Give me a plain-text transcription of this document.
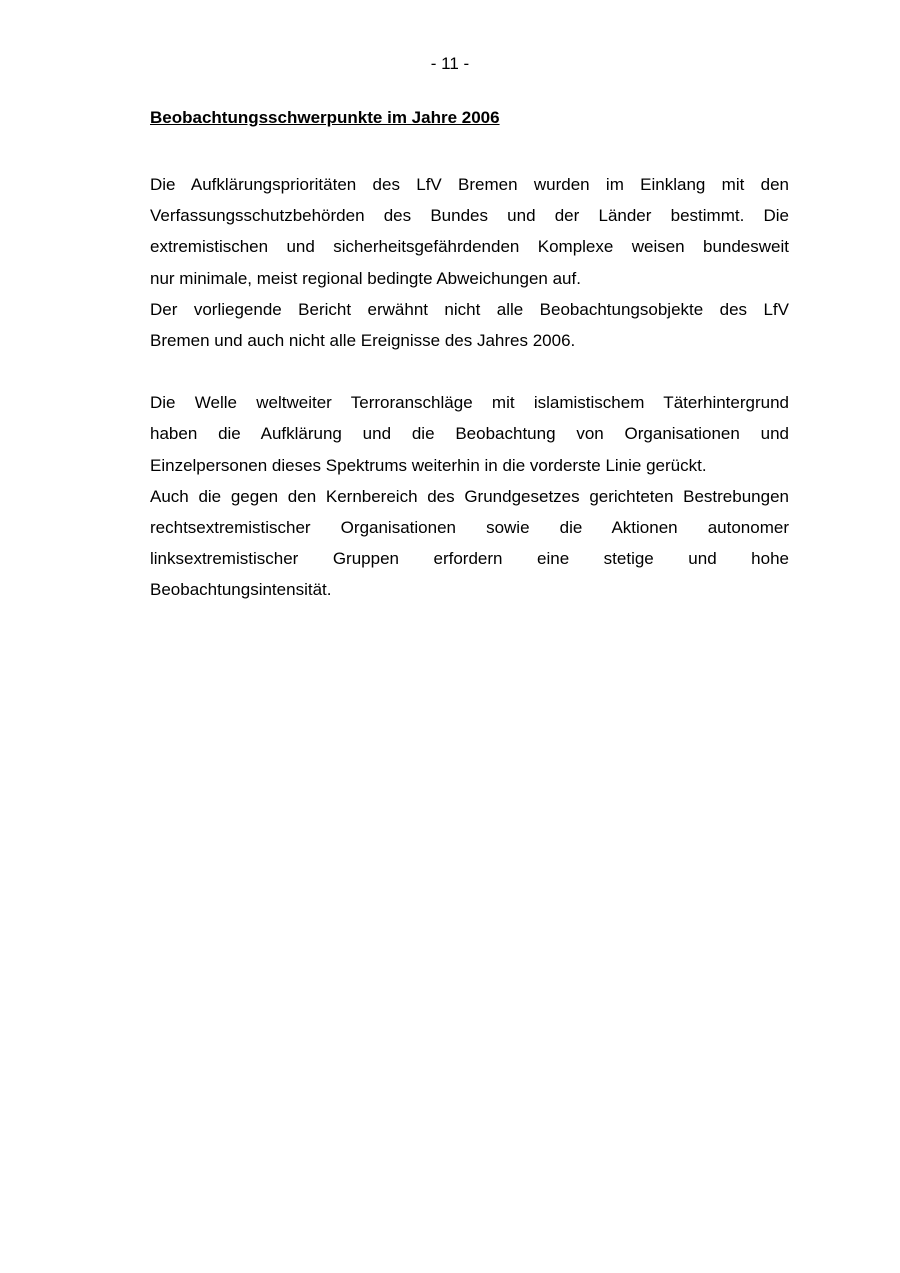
- 11 -
Beobachtungsschwerpunkte im Jahre 2006
Die Aufklärungsprioritäten des LfV Bremen wurden im Einklang mit den
Verfassungsschutzbehörden des Bundes und der Länder bestimmt. Die
extremistischen und sicherheitsgefährdenden Komplexe weisen bundesweit
nur minimale, meist regional bedingte Abweichungen auf.
Der vorliegende Bericht erwähnt nicht alle Beobachtungsobjekte des LfV
Bremen und auch nicht alle Ereignisse des Jahres 2006.
Die Welle weltweiter Terroranschläge mit islamistischem Täterhintergrund
haben die Aufklärung und die Beobachtung von Organisationen und
Einzelpersonen dieses Spektrums weiterhin in die vorderste Linie gerückt.
Auch die gegen den Kernbereich des Grundgesetzes gerichteten Bestrebungen
rechtsextremistischer Organisationen sowie die Aktionen autonomer
linksextremistischer Gruppen erfordern eine stetige und hohe
Beobachtungsintensität.
